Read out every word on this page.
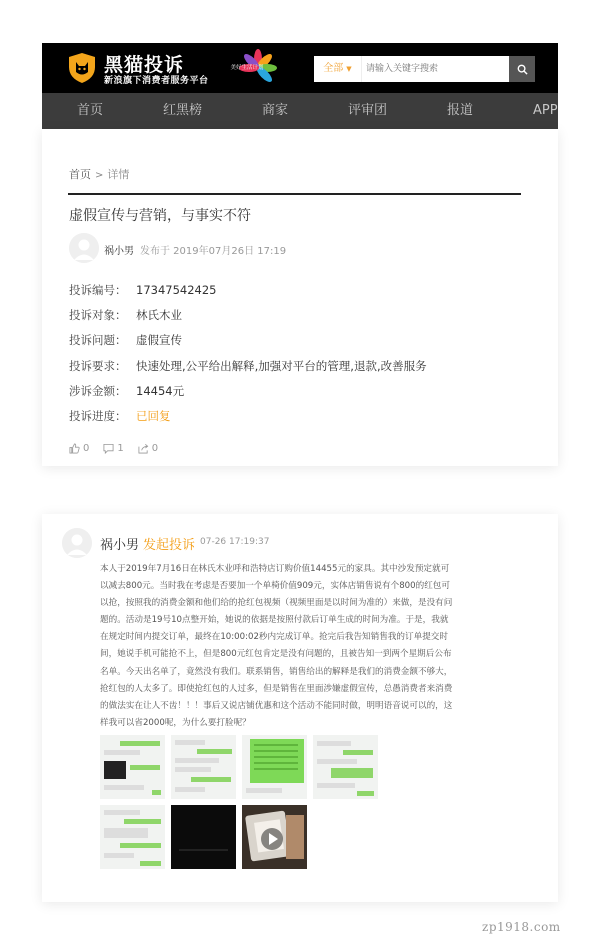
黑猫投诉
新浪旗下消费者服务平台
美好生活计划	全部 ▼
请输入关键字搜索
首页	红黑榜	商家	评审团	报道	APP
首页 > 详情
虚假宣传与营销，与事实不符
祸小男 发布于 2019年07月26日 17:19
投诉编号： 17347542425
投诉对象： 林氏木业
投诉问题： 虚假宣传
投诉要求： 快速处理,公平给出解释,加强对平台的管理,退款,改善服务
涉诉金额： 14454元
投诉进度： 已回复
0	1	0
祸小男 发起投诉 07-26 17:19:37
本人于2019年7月16日在林氏木业呼和浩特店订购价值14455元的家具。其中沙发预定就可以减去800元。当时我在考虑是否要加一个单椅价值909元，实体店销售说有个800的红包可以抢，按照我的消费金额和他们给的抢红包视频（视频里面是以时间为准的）来做，是没有问题的。活动是19号10点整开始，她说的依据是按照付款后订单生成的时间为准。于是，我就在规定时间内提交订单，最终在10:00:02秒内完成订单。抢完后我告知销售我的订单提交时间，她说手机可能抢不上，但是800元红包肯定是没有问题的，且被告知一到两个星期后公布名单。今天出名单了，竟然没有我们。联系销售，销售给出的解释是我们的消费金额不够大，抢红包的人太多了。即使抢红包的人过多，但是销售在里面涉嫌虚假宣传，总愚消费者来消费的做法实在让人不齿！！！事后又说店铺优惠和这个活动不能同时做，明明语音说可以的，这样我可以省2000呢，为什么要打脸呢？
zp1918.com
